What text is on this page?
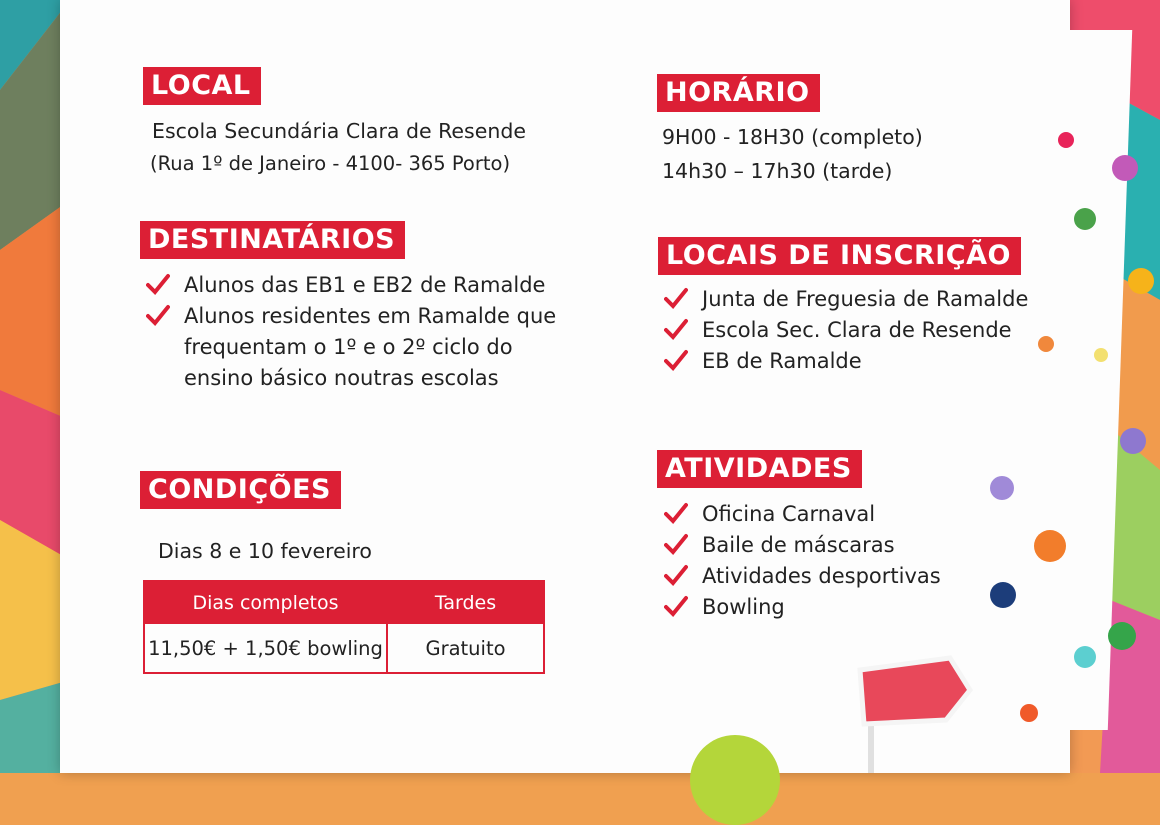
LOCAL
Escola Secundária Clara de Resende
(Rua 1º de Janeiro - 4100- 365 Porto)
DESTINATÁRIOS
Alunos das EB1 e EB2 de Ramalde
Alunos residentes em Ramalde que
frequentam o 1º e o 2º ciclo do
ensino básico noutras escolas
CONDIÇÕES
Dias 8 e 10 fevereiro
Dias completos	Tardes
11,50€ + 1,50€ bowling	Gratuito
HORÁRIO
9H00 - 18H30 (completo)
14h30 – 17h30 (tarde)
LOCAIS DE INSCRIÇÃO
Junta de Freguesia de Ramalde
Escola Sec. Clara de Resende
EB de Ramalde
ATIVIDADES
Oficina Carnaval
Baile de máscaras
Atividades desportivas
Bowling
